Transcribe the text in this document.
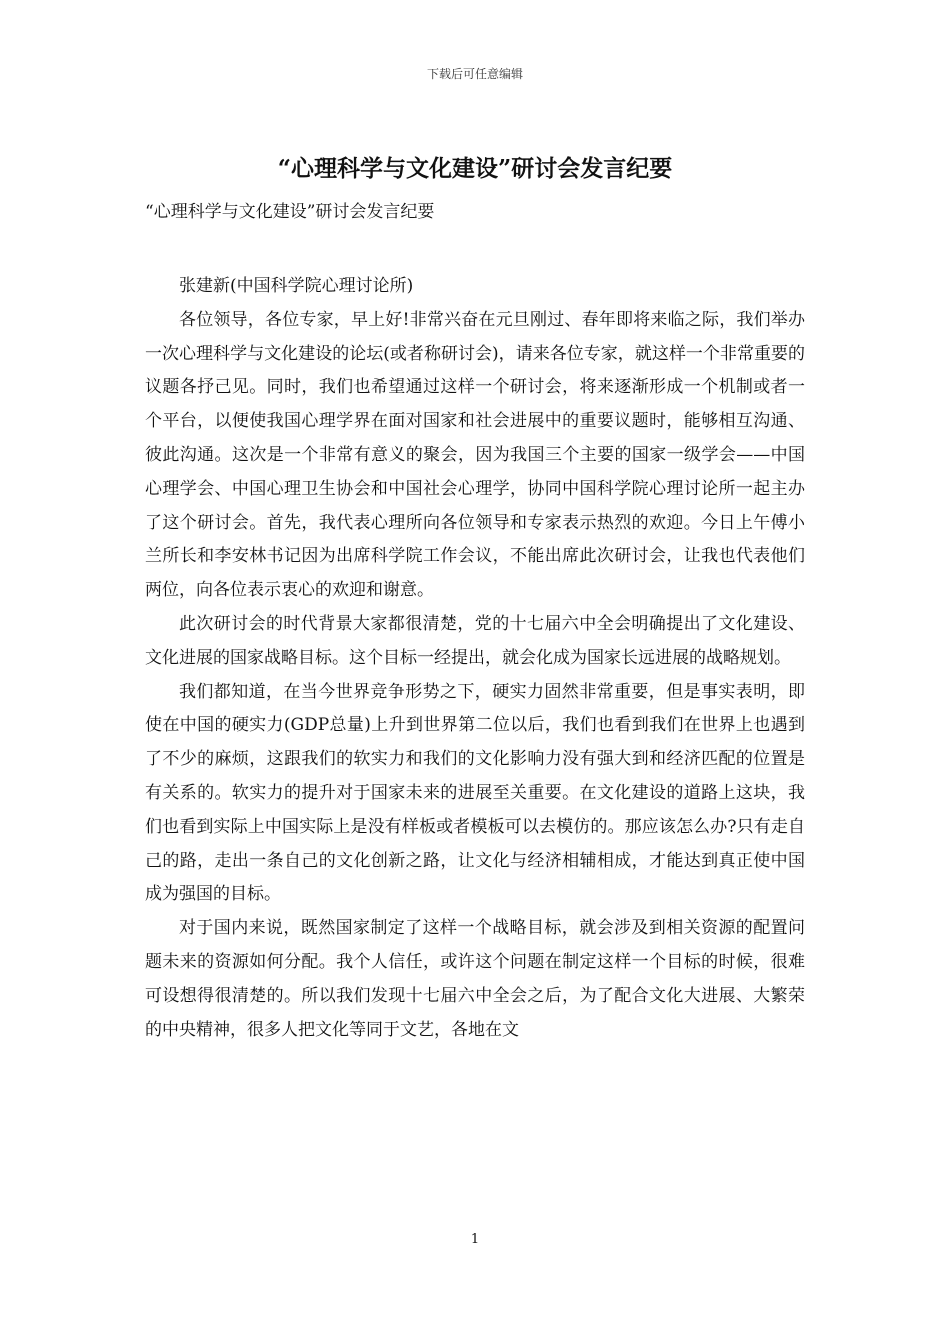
下载后可任意编辑
“心理科学与文化建设”研讨会发言纪要
“心理科学与文化建设”研讨会发言纪要

张建新(中国科学院心理讨论所)

各位领导，各位专家，早上好!非常兴奋在元旦刚过、春年即将来临之际，我们举办一次心理科学与文化建设的论坛(或者称研讨会)，请来各位专家，就这样一个非常重要的议题各抒己见。同时，我们也希望通过这样一个研讨会，将来逐渐形成一个机制或者一个平台，以便使我国心理学界在面对国家和社会进展中的重要议题时，能够相互沟通、彼此沟通。这次是一个非常有意义的聚会，因为我国三个主要的国家一级学会——中国心理学会、中国心理卫生协会和中国社会心理学，协同中国科学院心理讨论所一起主办了这个研讨会。首先，我代表心理所向各位领导和专家表示热烈的欢迎。今日上午傅小兰所长和李安林书记因为出席科学院工作会议，不能出席此次研讨会，让我也代表他们两位，向各位表示衷心的欢迎和谢意。

此次研讨会的时代背景大家都很清楚，党的十七届六中全会明确提出了文化建设、文化进展的国家战略目标。这个目标一经提出，就会化成为国家长远进展的战略规划。

我们都知道，在当今世界竞争形势之下，硬实力固然非常重要，但是事实表明，即使在中国的硬实力(GDP总量)上升到世界第二位以后，我们也看到我们在世界上也遇到了不少的麻烦，这跟我们的软实力和我们的文化影响力没有强大到和经济匹配的位置是有关系的。软实力的提升对于国家未来的进展至关重要。在文化建设的道路上这块，我们也看到实际上中国实际上是没有样板或者模板可以去模仿的。那应该怎么办?只有走自己的路，走出一条自己的文化创新之路，让文化与经济相辅相成，才能达到真正使中国成为强国的目标。

对于国内来说，既然国家制定了这样一个战略目标，就会涉及到相关资源的配置问题未来的资源如何分配。我个人信任，或许这个问题在制定这样一个目标的时候，很难可设想得很清楚的。所以我们发现十七届六中全会之后，为了配合文化大进展、大繁荣的中央精神，很多人把文化等同于文艺，各地在文

1
